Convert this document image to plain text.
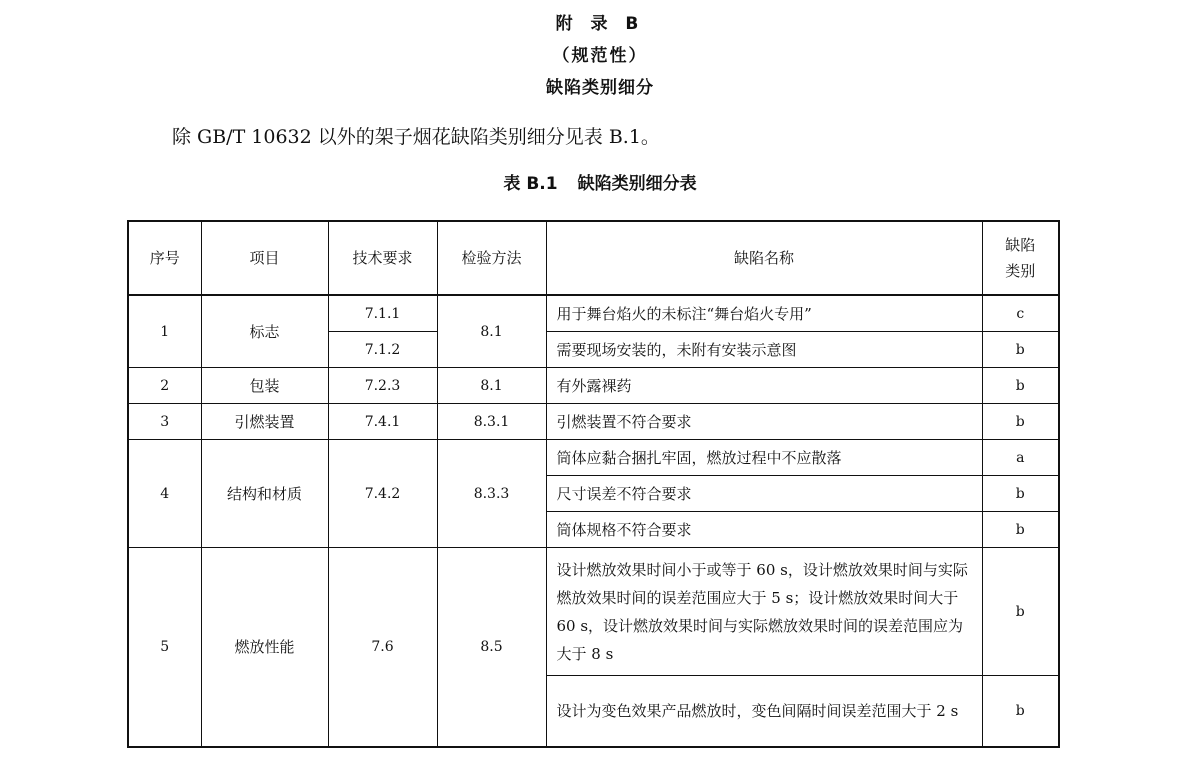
附 录 B
（规范性）
缺陷类别细分
除 GB/T 10632 以外的架子烟花缺陷类别细分见表 B.1。
表 B.1 缺陷类别细分表
序号	项目	技术要求	检验方法	缺陷名称	缺陷
类别
1	标志	7.1.1	8.1	用于舞台焰火的未标注“舞台焰火专用”	c
		7.1.2		需要现场安装的，未附有安装示意图	b
2	包装	7.2.3	8.1	有外露裸药	b
3	引燃装置	7.4.1	8.3.1	引燃装置不符合要求	b
4	结构和材质	7.4.2	8.3.3	筒体应黏合捆扎牢固，燃放过程中不应散落	a
				尺寸误差不符合要求	b
				筒体规格不符合要求	b
5	燃放性能	7.6	8.5	设计燃放效果时间小于或等于 60 s，设计燃放效果时间与实际燃放效果时间的误差范围应大于 5 s；设计燃放效果时间大于 60 s，设计燃放效果时间与实际燃放效果时间的误差范围应为大于 8 s	b
				设计为变色效果产品燃放时，变色间隔时间误差范围大于 2 s	b
